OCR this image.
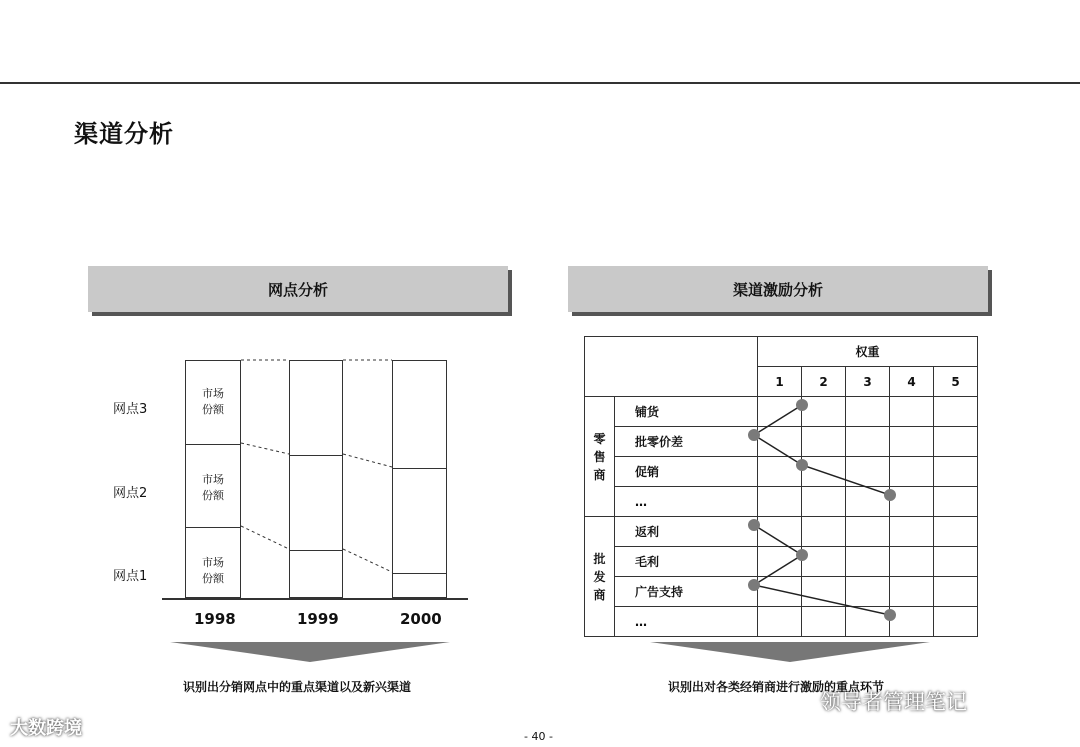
渠道分析
网点分析
网点3
网点2
网点1
市场
份额
市场
份额
市场
份额
1998	1999	2000
识别出分销网点中的重点渠道以及新兴渠道
渠道激励分析
		权重				
		1	2	3	4	5

零
售
商	铺货					
	批零价差					
	促销					
	…					

批
发
商	返利					
	毛利					
	广告支持					
	…					
识别出对各类经销商进行激励的重点环节
- 40 -
大数跨境
领导者管理笔记
